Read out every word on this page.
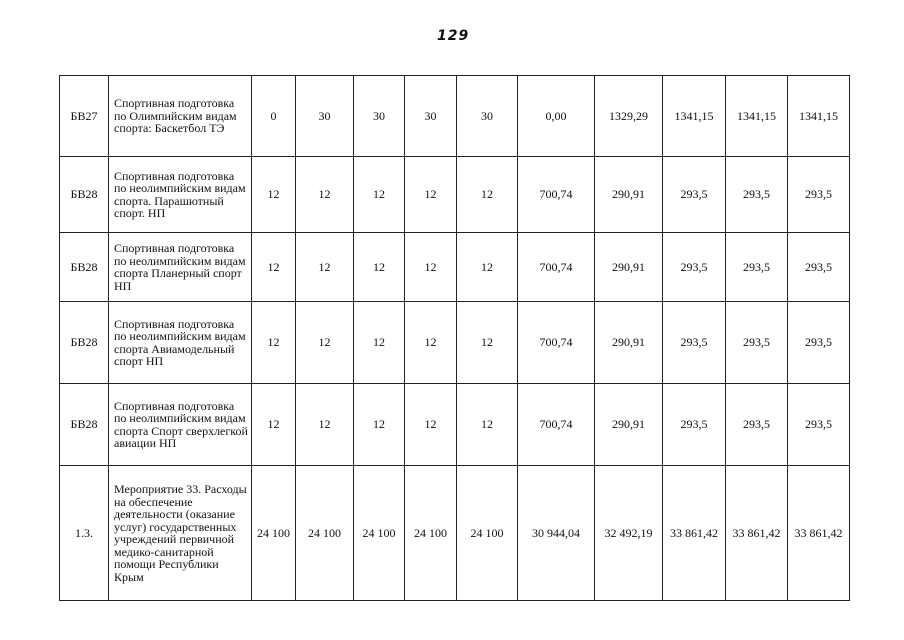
129
БВ27	Спортивная подготовка по Олимпийским видам спорта: Баскетбол ТЭ	0	30	30	30	30	0,00	1329,29	1341,15	1341,15	1341,15
БВ28	Спортивная подготовка по неолимпийским видам спорта. Парашютный спорт. НП	12	12	12	12	12	700,74	290,91	293,5	293,5	293,5
БВ28	Спортивная подготовка по неолимпийским видам спорта Планерный спорт НП	12	12	12	12	12	700,74	290,91	293,5	293,5	293,5
БВ28	Спортивная подготовка по неолимпийским видам спорта Авиамодельный спорт НП	12	12	12	12	12	700,74	290,91	293,5	293,5	293,5
БВ28	Спортивная подготовка по неолимпийским видам спорта Спорт сверхлегкой авиации НП	12	12	12	12	12	700,74	290,91	293,5	293,5	293,5
1.3.	Мероприятие 33. Расходы на обеспечение деятельности (оказание услуг) государственных учреждений первичной медико-санитарной помощи Республики Крым	24 100	24 100	24 100	24 100	24 100	30 944,04	32 492,19	33 861,42	33 861,42	33 861,42
